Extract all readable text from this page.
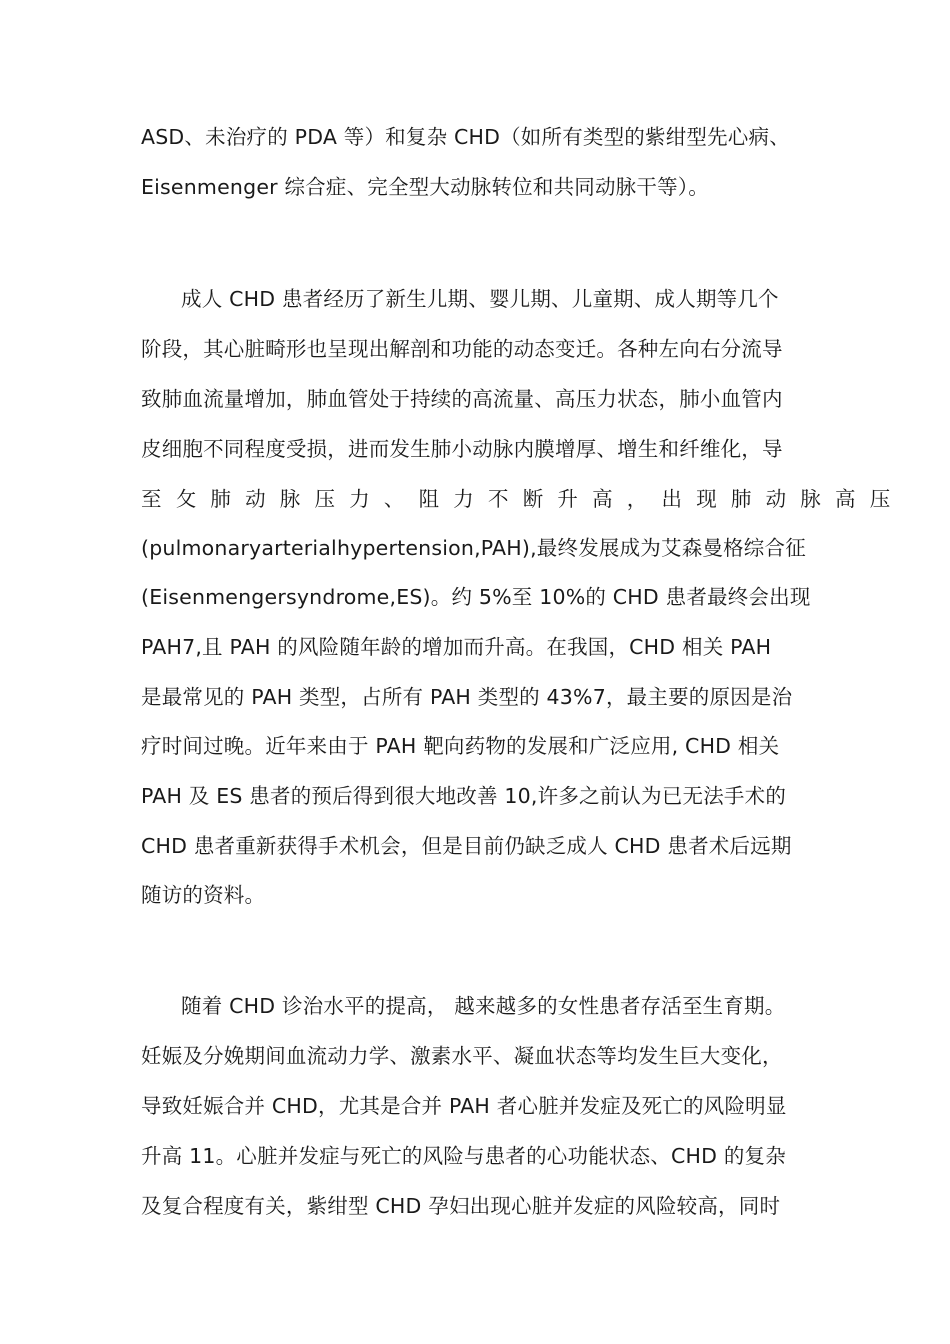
ASD、未治疗的 PDA 等）和复杂 CHD（如所有类型的紫绀型先心病、
Eisenmenger 综合症、完全型大动脉转位和共同动脉干等）。
成人 CHD 患者经历了新生儿期、婴儿期、儿童期、成人期等几个
阶段，其心脏畸形也呈现出解剖和功能的动态变迁。各种左向右分流导
致肺血流量增加，肺血管处于持续的高流量、高压力状态，肺小血管内
皮细胞不同程度受损，进而发生肺小动脉内膜增厚、增生和纤维化，导
至攵肺动脉压力、阻力不断升高，出现肺动脉高压
(pulmonaryarterialhypertension,PAH),最终发展成为艾森曼格综合征
(Eisenmengersyndrome,ES)。约 5%至 10%的 CHD 患者最终会出现
PAH7,且 PAH 的风险随年龄的增加而升高。在我国，CHD 相关 PAH
是最常见的 PAH 类型，占所有 PAH 类型的 43%7，最主要的原因是治
疗时间过晚。近年来由于 PAH 靶向药物的发展和广泛应用, CHD 相关
PAH 及 ES 患者的预后得到很大地改善 10,许多之前认为已无法手术的
CHD 患者重新获得手术机会，但是目前仍缺乏成人 CHD 患者术后远期
随访的资料。
随着 CHD 诊治水平的提高， 越来越多的女性患者存活至生育期。
妊娠及分娩期间血流动力学、激素水平、凝血状态等均发生巨大变化，
导致妊娠合并 CHD，尤其是合并 PAH 者心脏并发症及死亡的风险明显
升高 11。心脏并发症与死亡的风险与患者的心功能状态、CHD 的复杂
及复合程度有关，紫绀型 CHD 孕妇出现心脏并发症的风险较高，同时
